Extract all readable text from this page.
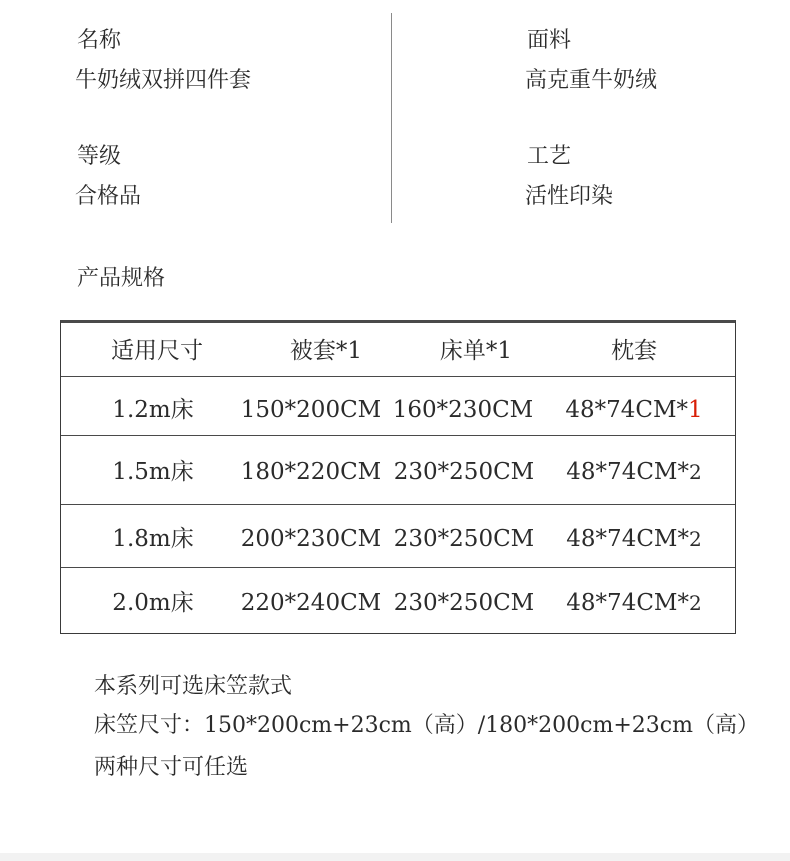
名称
牛奶绒双拼四件套
面料
高克重牛奶绒
等级
合格品
工艺
活性印染
产品规格
适用尺寸	被套*1	床单*1	枕套
1.2m床 150*200CM 160*230CM 48*74CM*1
1.5m床 180*220CM 230*250CM 48*74CM*2
1.8m床 200*230CM 230*250CM 48*74CM*2
2.0m床 220*240CM 230*250CM 48*74CM*2
本系列可选床笠款式
床笠尺寸：150*200cm+23cm（高）/180*200cm+23cm（高）
两种尺寸可任选
